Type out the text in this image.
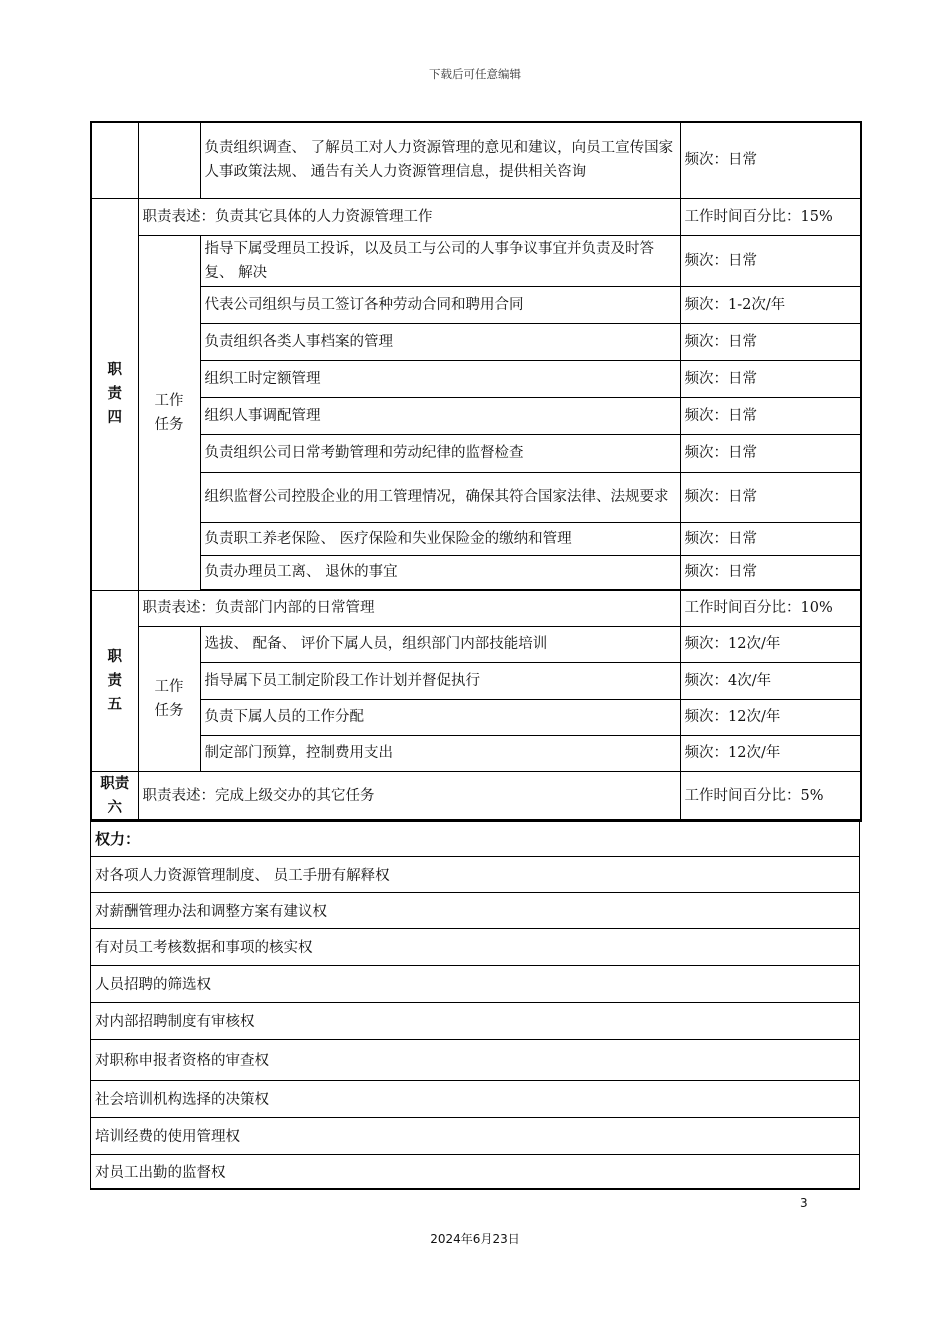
下载后可任意编辑
		负责组织调查、 了解员工对人力资源管理的意见和建议，向员工宣传国家人事政策法规、 通告有关人力资源管理信息，提供相关咨询	频次：日常
职责四	职责表述：负责其它具体的人力资源管理工作		工作时间百分比：15%
	工作任务	指导下属受理员工投诉，以及员工与公司的人事争议事宜并负责及时答复、 解决	频次：日常
		代表公司组织与员工签订各种劳动合同和聘用合同	频次：1-2次/年
		负责组织各类人事档案的管理	频次：日常
		组织工时定额管理	频次：日常
		组织人事调配管理	频次：日常
		负责组织公司日常考勤管理和劳动纪律的监督检查	频次：日常
		组织监督公司控股企业的用工管理情况，确保其符合国家法律、法规要求	频次：日常
		负责职工养老保险、 医疗保险和失业保险金的缴纳和管理	频次：日常
		负责办理员工离、 退休的事宜	频次：日常

职责五	职责表述：负责部门内部的日常管理		工作时间百分比：10%
	工作任务	选拔、 配备、 评价下属人员，组织部门内部技能培训	频次：12次/年
		指导属下员工制定阶段工作计划并督促执行	频次：4次/年
		负责下属人员的工作分配	频次：12次/年
		制定部门预算，控制费用支出	频次：12次/年
职责六	职责表述：完成上级交办的其它任务		工作时间百分比：5%
权力：
对各项人力资源管理制度、 员工手册有解释权
对薪酬管理办法和调整方案有建议权
有对员工考核数据和事项的核实权
人员招聘的筛选权
对内部招聘制度有审核权
对职称申报者资格的审查权
社会培训机构选择的决策权
培训经费的使用管理权
对员工出勤的监督权
3
2024年6月23日
